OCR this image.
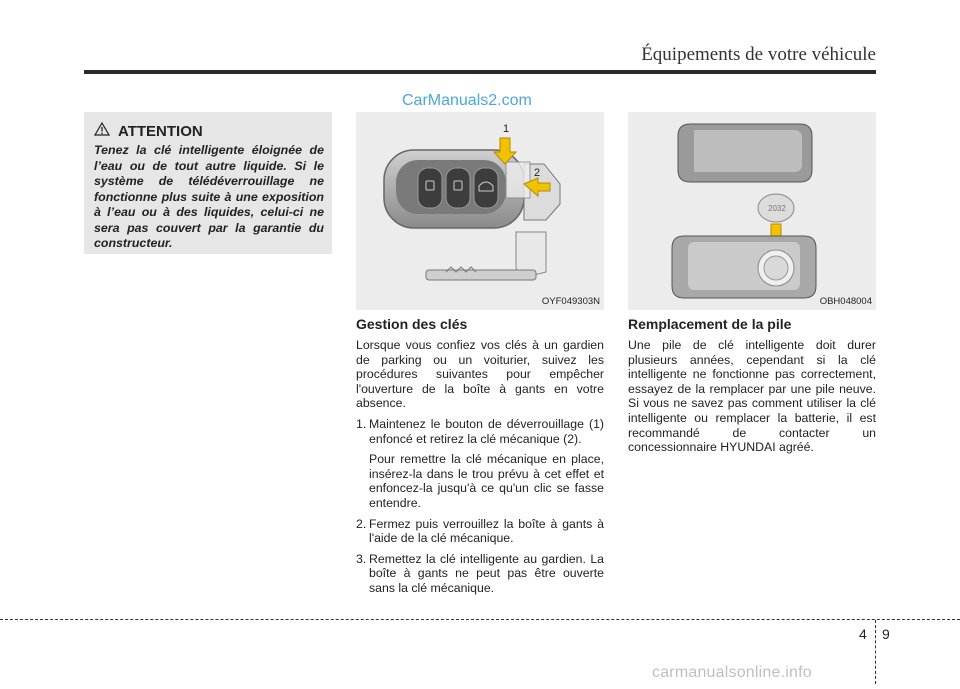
Équipements de votre véhicule
CarManuals2.com
ATTENTION
Tenez la clé intelligente éloignée de l’eau ou de tout autre liquide. Si le système de télédéverrouillage ne fonctionne plus suite à une exposition à l’eau ou à des liquides, celui-ci ne sera pas couvert par la garantie du constructeur.
1
2
OYF049303N
2032
OBH048004
Gestion des clés
Lorsque vous confiez vos clés à un gardien de parking ou un voiturier, suivez les procédures suivantes pour empêcher l'ouverture de la boîte à gants en votre absence.
1. Maintenez le bouton de déverrouillage (1) enfoncé et retirez la clé mécanique (2).
Pour remettre la clé mécanique en place, insérez-la dans le trou prévu à cet effet et enfoncez-la jusqu'à ce qu'un clic se fasse entendre.
2. Fermez puis verrouillez la boîte à gants à l'aide de la clé mécanique.
3. Remettez la clé intelligente au gardien. La boîte à gants ne peut pas être ouverte sans la clé mécanique.
Remplacement de la pile
Une pile de clé intelligente doit durer plusieurs années, cependant si la clé intelligente ne fonctionne pas correctement, essayez de la remplacer par une pile neuve. Si vous ne savez pas comment utiliser la clé intelligente ou remplacer la batterie, il est recommandé de contacter un concessionnaire HYUNDAI agréé.
4 9
carmanualsonline.info
